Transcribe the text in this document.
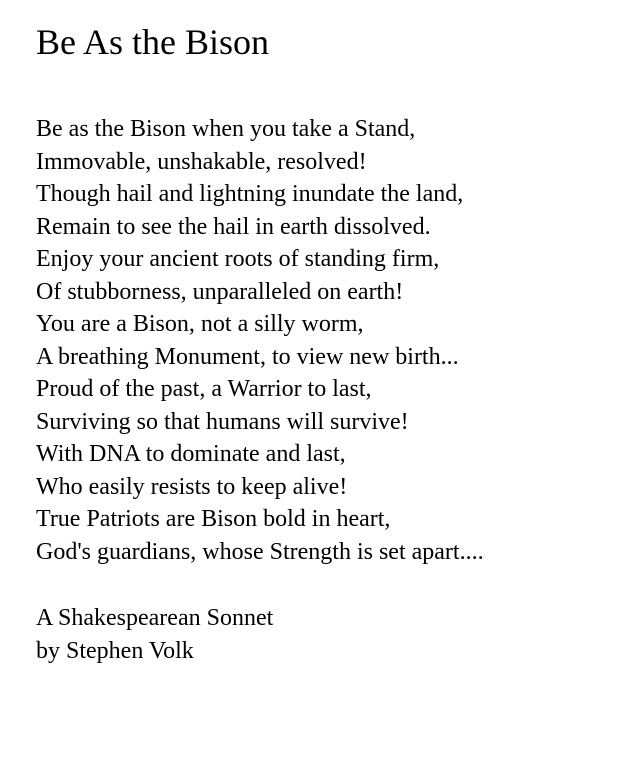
Be As the Bison
Be as the Bison when you take a Stand,
Immovable, unshakable, resolved!
Though hail and lightning inundate the land,
Remain to see the hail in earth dissolved.
Enjoy your ancient roots of standing firm,
Of stubborness, unparalleled on earth!
You are a Bison, not a silly worm,
A breathing Monument, to view new birth...
Proud of the past, a Warrior to last,
Surviving so that humans will survive!
With DNA to dominate and last,
Who easily resists to keep alive!
True Patriots are Bison bold in heart,
God's guardians, whose Strength is set apart....
A Shakespearean Sonnet
by Stephen Volk
